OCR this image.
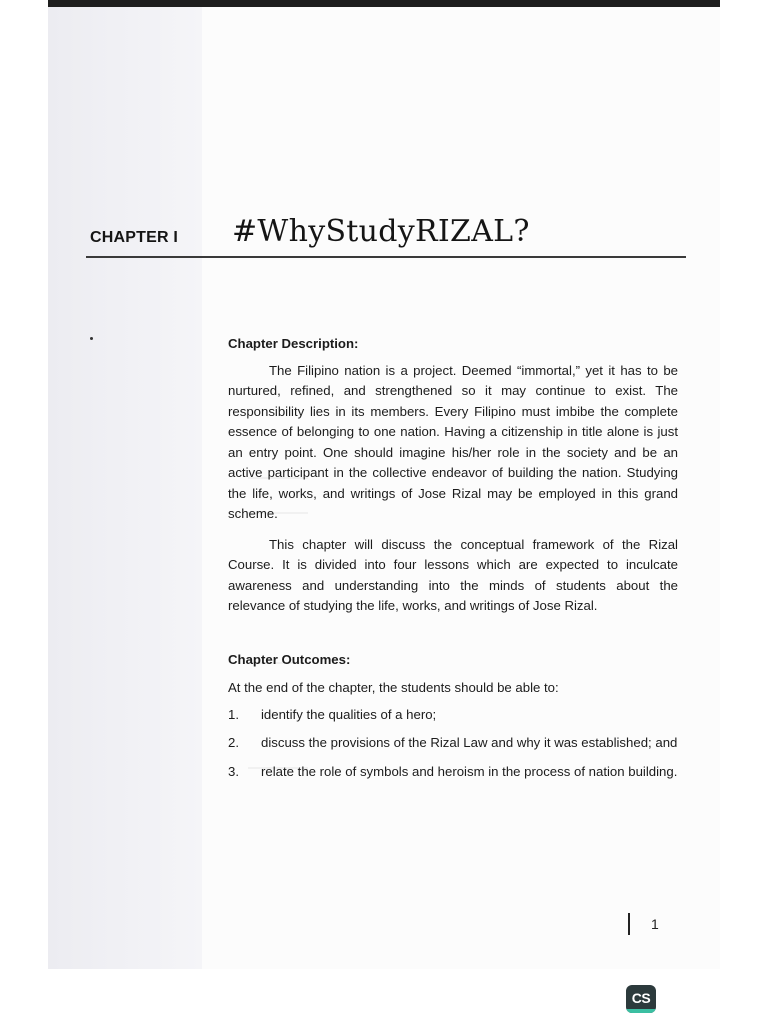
CHAPTER I #WhyStudyRIZAL?

Chapter Description:

The Filipino nation is a project. Deemed “immortal,” yet it has to be nurtured, refined, and strengthened so it may continue to exist. The responsibility lies in its members. Every Filipino must imbibe the complete essence of belonging to one nation. Having a citizenship in title alone is just an entry point. One should imagine his/her role in the society and be an active participant in the collective endeavor of building the nation. Studying the life, works, and writings of Jose Rizal may be employed in this grand scheme.

This chapter will discuss the conceptual framework of the Rizal Course. It is divided into four lessons which are expected to inculcate awareness and understanding into the minds of students about the relevance of studying the life, works, and writings of Jose Rizal.

Chapter Outcomes:

At the end of the chapter, the students should be able to:

1.	identify the qualities of a hero;
2.	discuss the provisions of the Rizal Law and why it was established; and
3.	relate the role of symbols and heroism in the process of nation building.
1
CS
